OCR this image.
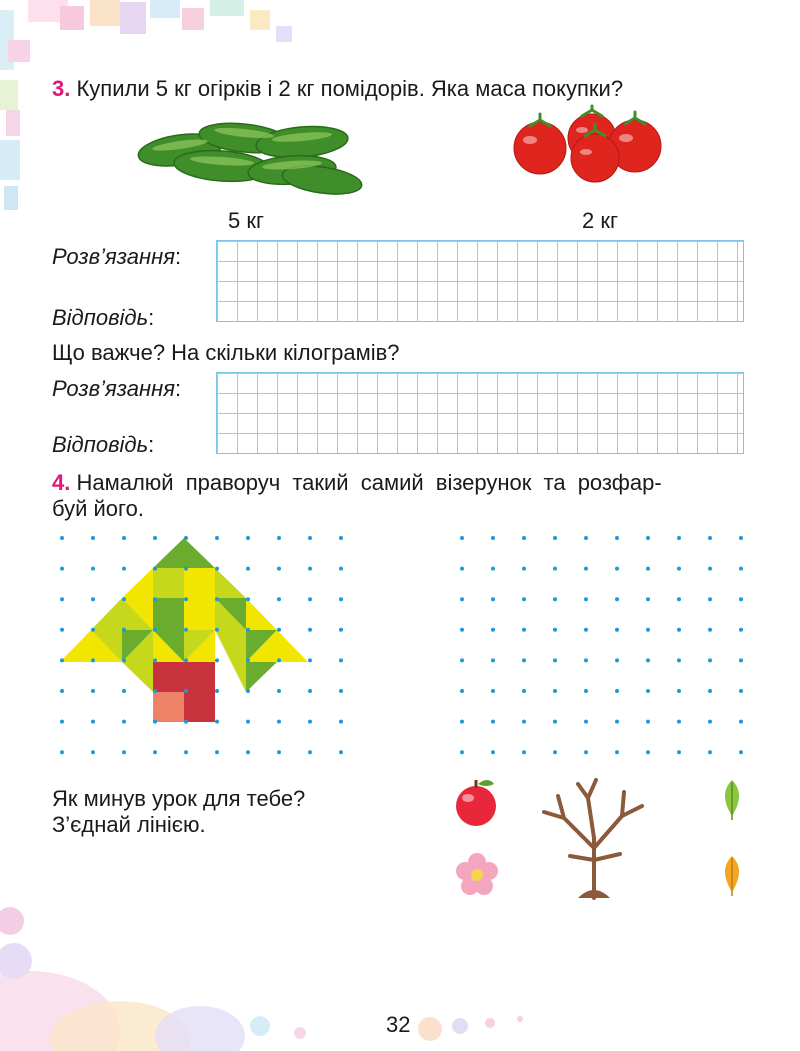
3. Купили 5 кг огірків і 2 кг помідорів. Яка маса покупки?
5 кг	2 кг
Розв’язання:
Відповідь:
Що важче? На скільки кілограмів?
Розв’язання:
Відповідь:
4. Намалюй праворуч такий самий візерунок та розфар-
буй його.
Як минув урок для тебе?
З’єднай лінією.
32
